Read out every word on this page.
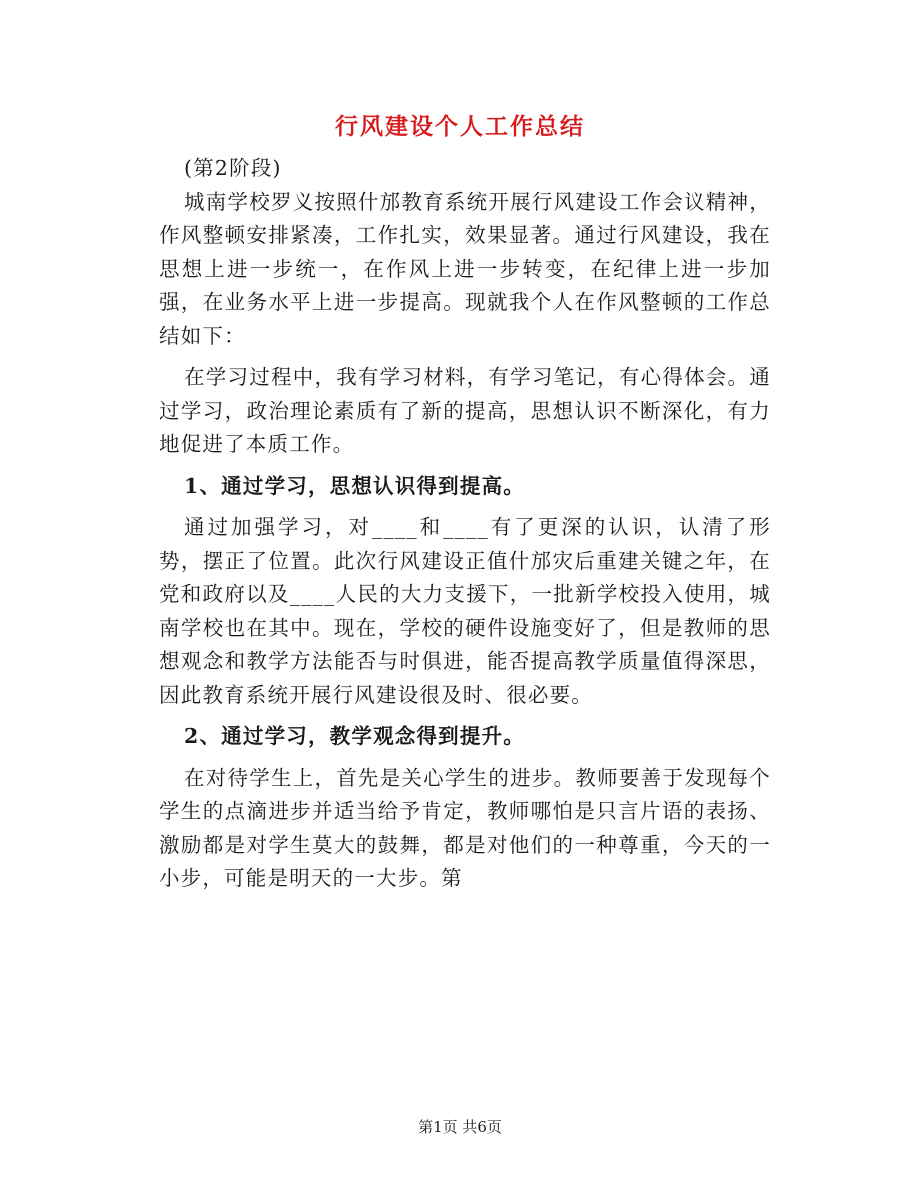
行风建设个人工作总结

(第2阶段)

城南学校罗义按照什邡教育系统开展行风建设工作会议精神，作风整顿安排紧凑，工作扎实，效果显著。通过行风建设，我在思想上进一步统一，在作风上进一步转变，在纪律上进一步加强，在业务水平上进一步提高。现就我个人在作风整顿的工作总结如下：

在学习过程中，我有学习材料，有学习笔记，有心得体会。通过学习，政治理论素质有了新的提高，思想认识不断深化，有力地促进了本质工作。

1、通过学习，思想认识得到提高。

通过加强学习，对____和____有了更深的认识，认清了形势，摆正了位置。此次行风建设正值什邡灾后重建关键之年，在党和政府以及____人民的大力支援下，一批新学校投入使用，城南学校也在其中。现在，学校的硬件设施变好了，但是教师的思想观念和教学方法能否与时俱进，能否提高教学质量值得深思，因此教育系统开展行风建设很及时、很必要。

2、通过学习，教学观念得到提升。

在对待学生上，首先是关心学生的进步。教师要善于发现每个学生的点滴进步并适当给予肯定，教师哪怕是只言片语的表扬、激励都是对学生莫大的鼓舞，都是对他们的一种尊重，今天的一小步，可能是明天的一大步。第

第1页 共6页
